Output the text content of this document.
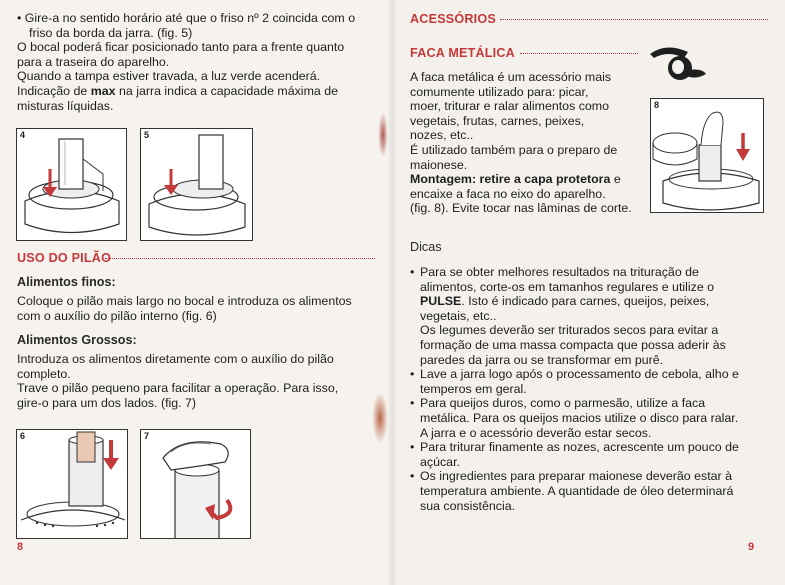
• Gire-a no sentido horário até que o friso nº 2 coincida com o

friso da borda da jarra. (fig. 5)

O bocal poderá ficar posicionado tanto para a frente quanto

para a traseira do aparelho.

Quando a tampa estiver travada, a luz verde acenderá.

Indicação de max na jarra indica a capacidade máxima de

misturas líquidas.

4	5
USO DO PILÃO
Alimentos finos:

Coloque o pilão mais largo no bocal e introduza os alimentos

com o auxílio do pilão interno (fig. 6)

Alimentos Grossos:

Introduza os alimentos diretamente com o auxílio do pilão

completo.

Trave o pilão pequeno para facilitar a operação. Para isso,

gire-o para um dos lados. (fig. 7)

6	7
8
ACESSÓRIOS
FACA METÁLICA

A faca metálica é um acessório mais

comumente utilizado para: picar,

moer, triturar e ralar alimentos como

vegetais, frutas, carnes, peixes,

nozes, etc..

É utilizado também para o preparo de

maionese.

Montagem: retire a capa protetora e

encaixe a faca no eixo do aparelho.

(fig. 8). Evite tocar nas lâminas de corte.

8
Dicas

• Para se obter melhores resultados na trituração de

alimentos, corte-os em tamanhos regulares e utilize o

PULSE. Isto é indicado para carnes, queijos, peixes,

vegetais, etc..

Os legumes deverão ser triturados secos para evitar a

formação de uma massa compacta que possa aderir às

paredes da jarra ou se transformar em purê.

• Lave a jarra logo após o processamento de cebola, alho e

temperos em geral.

• Para queijos duros, como o parmesão, utilize a faca

metálica. Para os queijos macios utilize o disco para ralar.

A jarra e o acessório deverão estar secos.

• Para triturar finamente as nozes, acrescente um pouco de

açúcar.

• Os ingredientes para preparar maionese deverão estar à

temperatura ambiente. A quantidade de óleo determinará

sua consistência.

9
